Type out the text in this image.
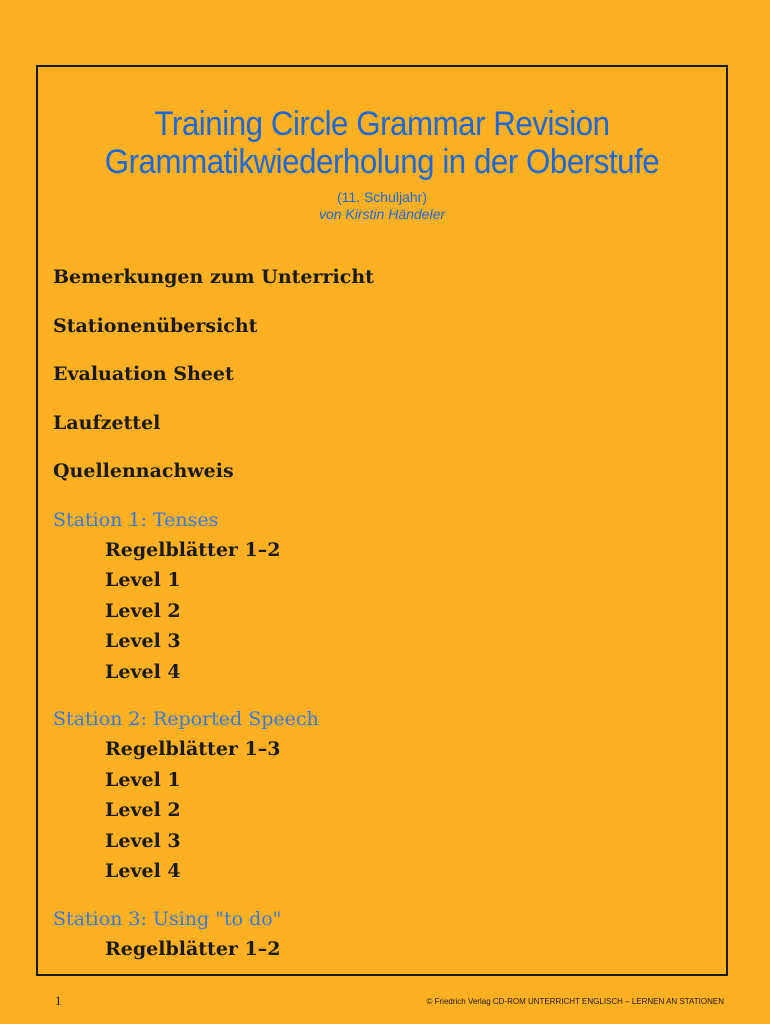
Training Circle Grammar Revision
Grammatikwiederholung in der Oberstufe
(11. Schuljahr)
von Kirstin Händeler
Bemerkungen zum Unterricht
Stationenübersicht
Evaluation Sheet
Laufzettel
Quellennachweis
Station 1: Tenses
Regelblätter 1–2
Level 1
Level 2
Level 3
Level 4
Station 2: Reported Speech
Regelblätter 1–3
Level 1
Level 2
Level 3
Level 4
Station 3: Using "to do"
Regelblätter 1–2
1	© Friedrich Verlag CD-ROM UNTERRICHT ENGLISCH – LERNEN AN STATIONEN
